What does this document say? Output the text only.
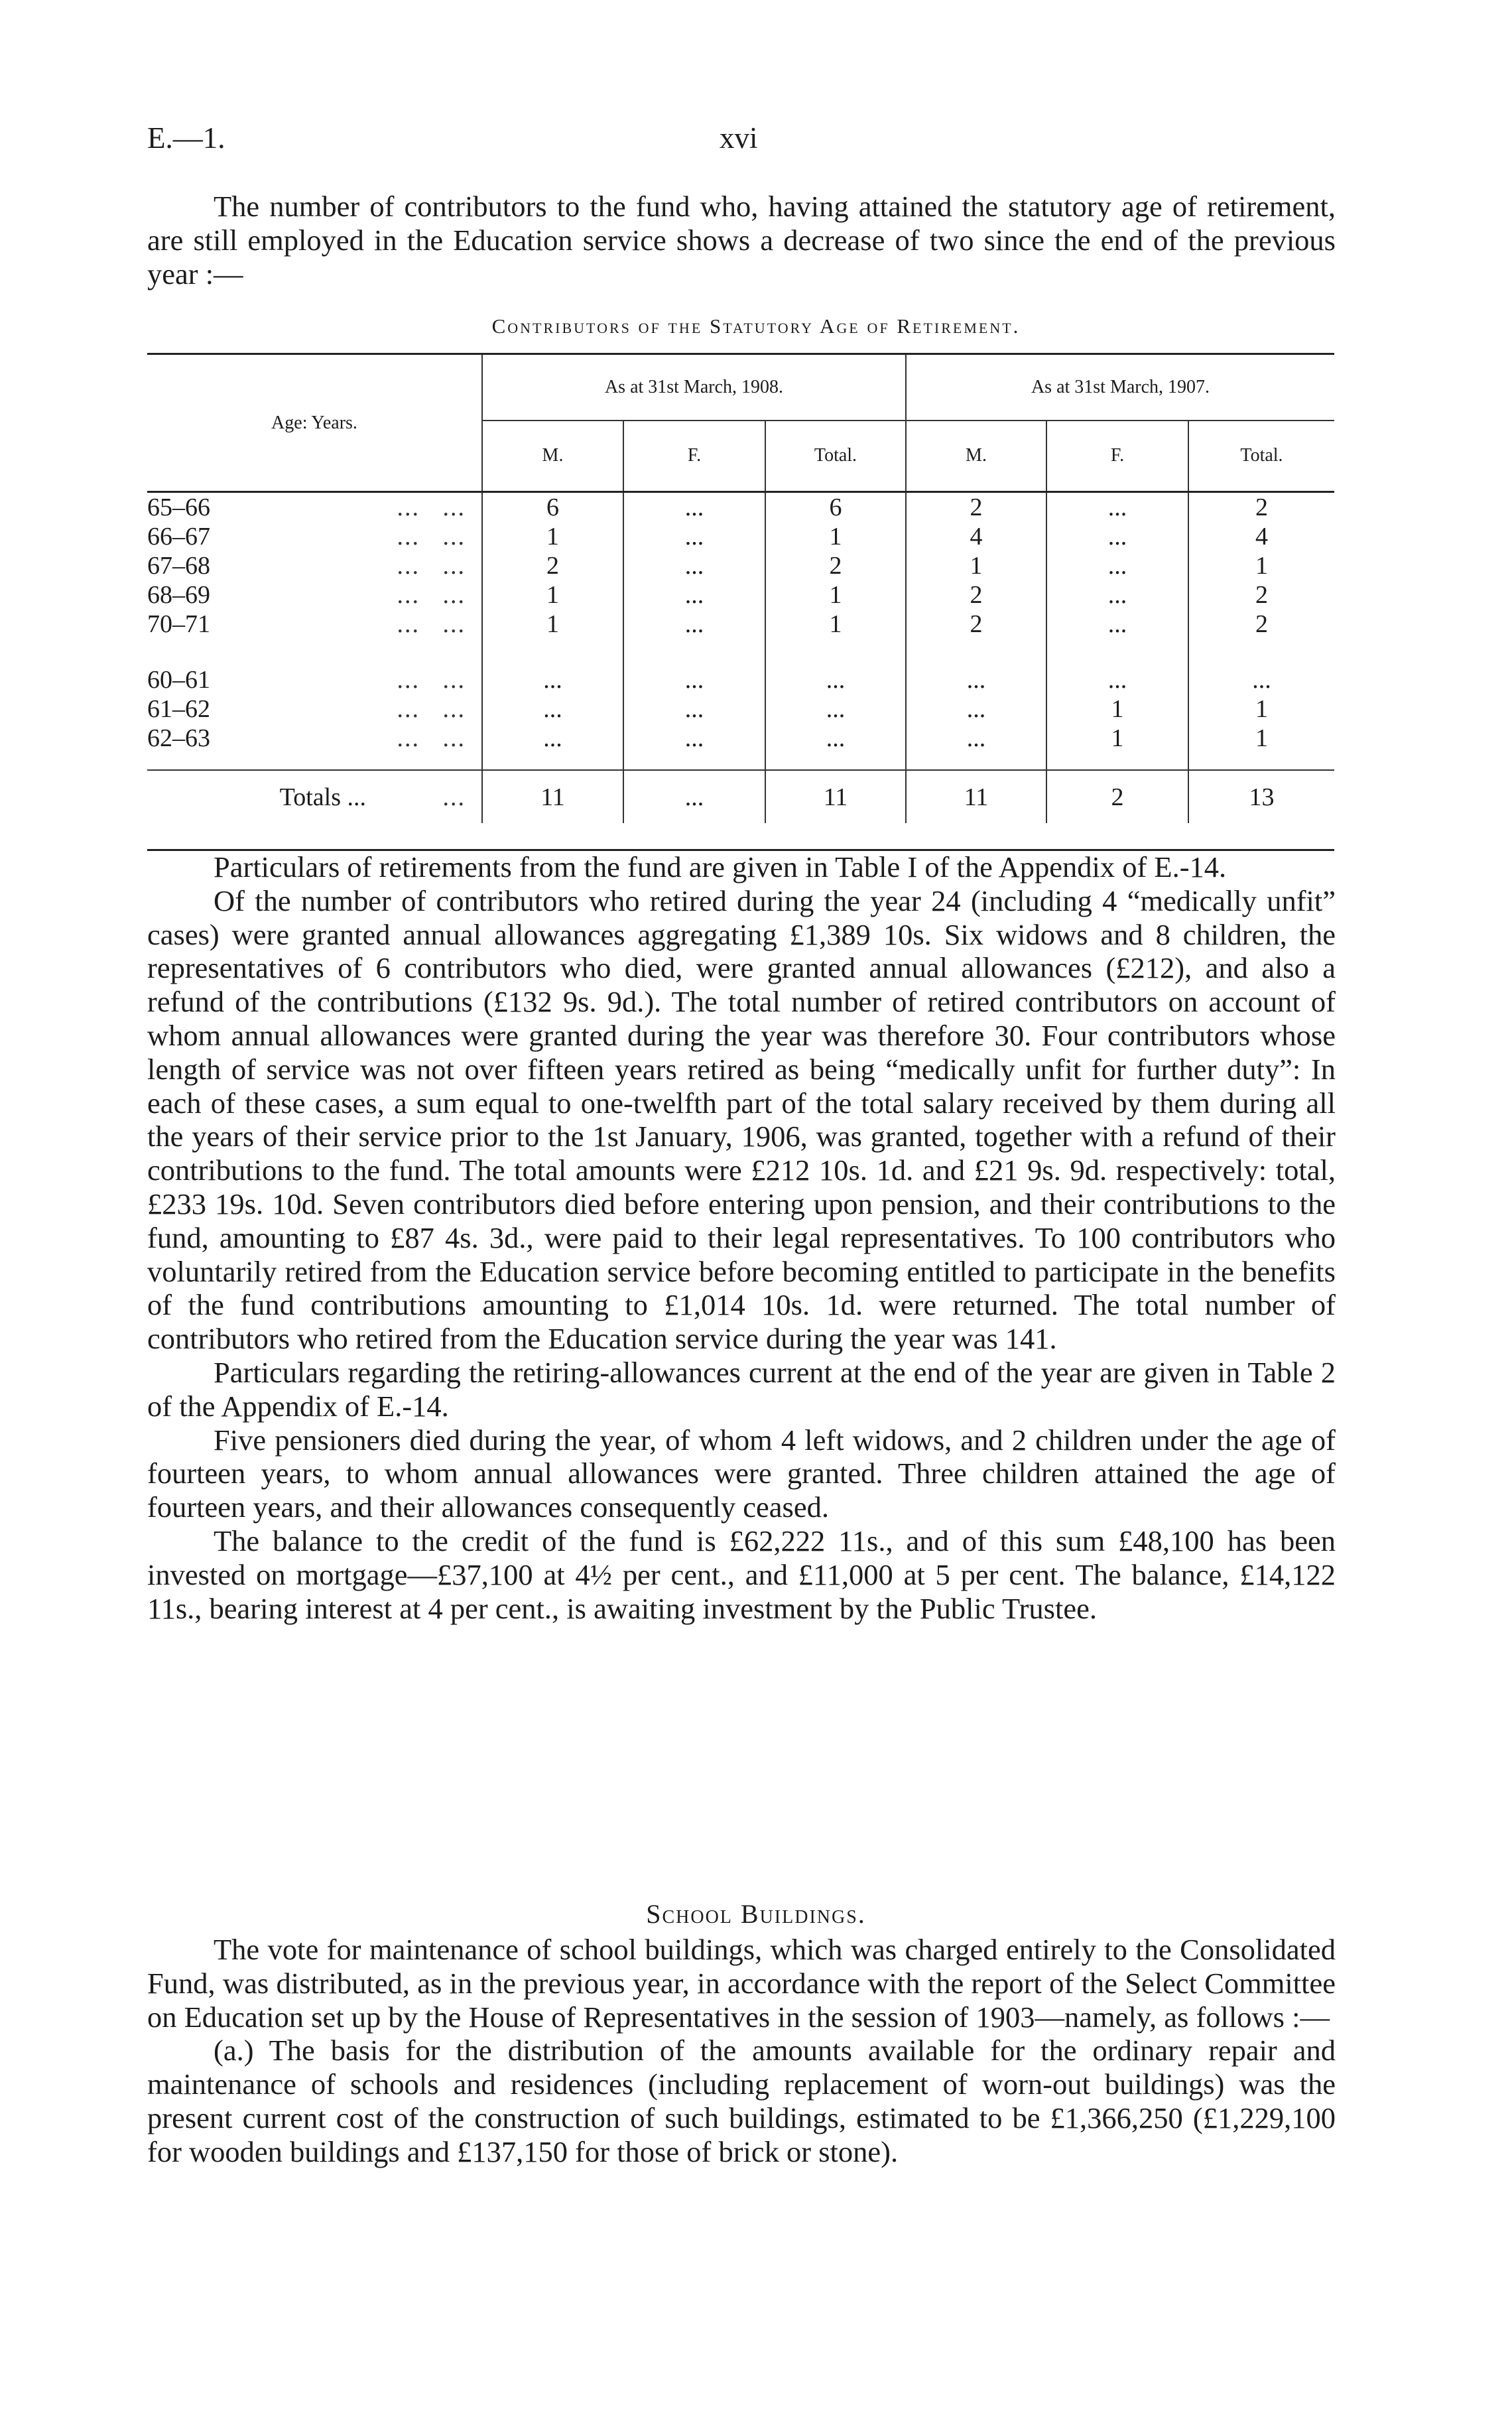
E.—1.	xvi

The number of contributors to the fund who, having attained the statutory age of retirement, are still employed in the Education service shows a decrease of two since the end of the previous year :—

Contributors of the Statutory Age of Retirement.
Age: Years.	As at 31st March, 1908.			As at 31st March, 1907.		
	M.	F.	Total.	M.	F.	Total.
65–66 ...   ...	6	...	6	2	...	2
66–67 ...   ...	1	...	1	4	...	4
67–68 ...   ...	2	...	2	1	...	1
68–69 ...   ...	1	...	1	2	...	2
70–71 ...   ...	1	...	1	2	...	2

60–61 ...   ...	...	...	...	...	...	...
61–62 ...   ...	...	...	...	...	1	1
62–63 ...   ...	...	...	...	...	1	1

Totals ... ...	11	...	11	11	2	13

Particulars of retirements from the fund are given in Table I of the Appendix of E.-14.

Of the number of contributors who retired during the year 24 (including 4 “medically unfit” cases) were granted annual allowances aggregating £1,389 10s. Six widows and 8 children, the representatives of 6 contributors who died, were granted annual allowances (£212), and also a refund of the contributions (£132 9s. 9d.). The total number of retired contributors on account of whom annual allowances were granted during the year was therefore 30. Four contributors whose length of service was not over fifteen years retired as being “medically unfit for further duty”: In each of these cases, a sum equal to one-twelfth part of the total salary received by them during all the years of their service prior to the 1st January, 1906, was granted, together with a refund of their contributions to the fund. The total amounts were £212 10s. 1d. and £21 9s. 9d. respectively: total, £233 19s. 10d. Seven contributors died before entering upon pension, and their contributions to the fund, amounting to £87 4s. 3d., were paid to their legal representatives. To 100 contributors who voluntarily retired from the Education service before becoming entitled to participate in the benefits of the fund contributions amounting to £1,014 10s. 1d. were returned. The total number of contributors who retired from the Education service during the year was 141.

Particulars regarding the retiring-allowances current at the end of the year are given in Table 2 of the Appendix of E.-14.

Five pensioners died during the year, of whom 4 left widows, and 2 children under the age of fourteen years, to whom annual allowances were granted. Three children attained the age of fourteen years, and their allowances consequently ceased.

The balance to the credit of the fund is £62,222 11s., and of this sum £48,100 has been invested on mortgage—£37,100 at 4½ per cent., and £11,000 at 5 per cent. The balance, £14,122 11s., bearing interest at 4 per cent., is awaiting investment by the Public Trustee.

School Buildings.

The vote for maintenance of school buildings, which was charged entirely to the Consolidated Fund, was distributed, as in the previous year, in accordance with the report of the Select Committee on Education set up by the House of Representatives in the session of 1903—namely, as follows :—

(a.) The basis for the distribution of the amounts available for the ordinary repair and maintenance of schools and residences (including replacement of worn-out buildings) was the present current cost of the construction of such buildings, estimated to be £1,366,250 (£1,229,100 for wooden buildings and £137,150 for those of brick or stone).
